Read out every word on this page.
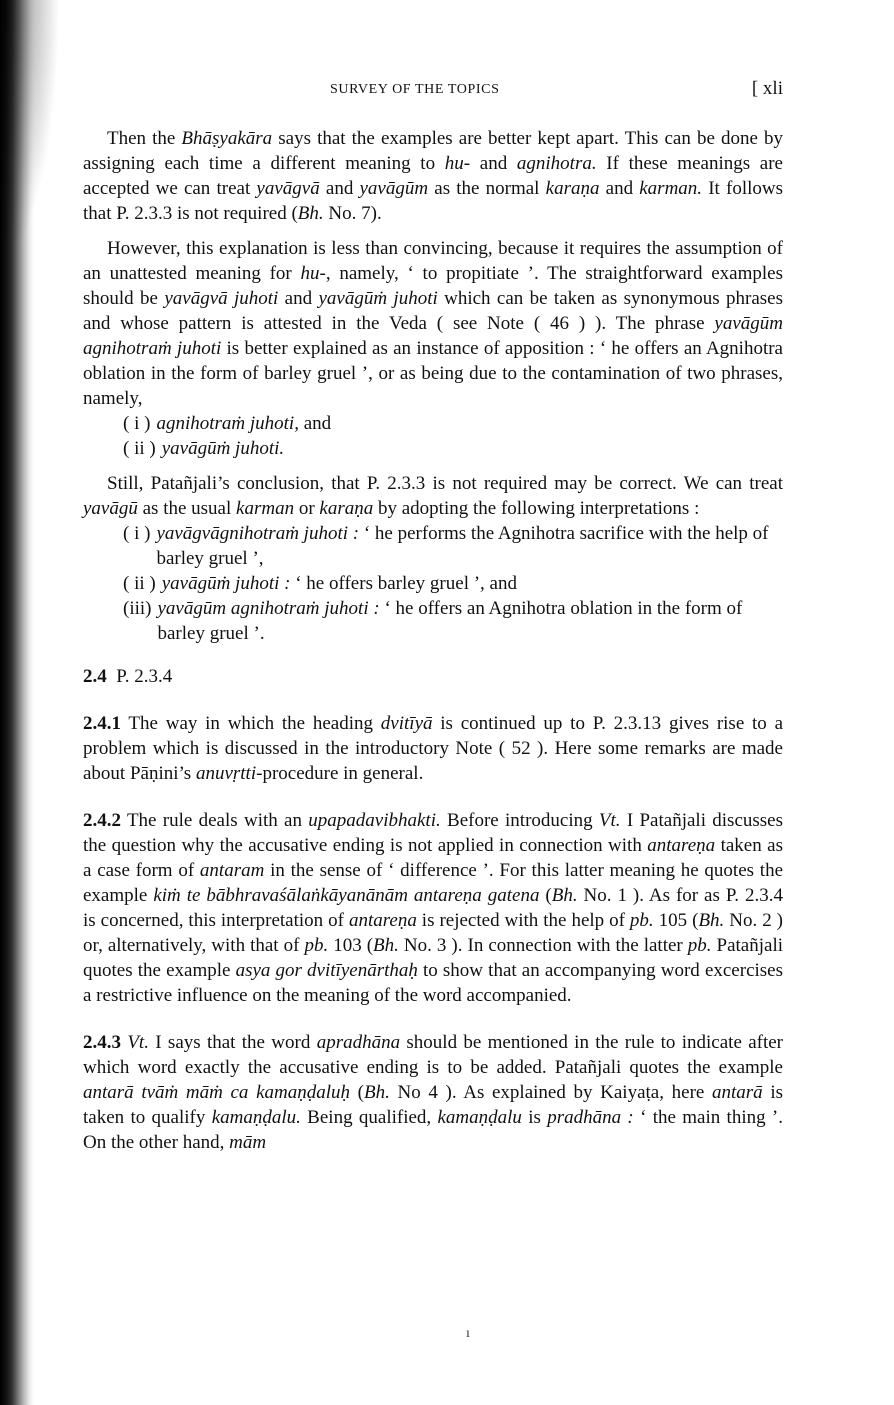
SURVEY OF THE TOPICS	[ xli

Then the Bhāṣyakāra says that the examples are better kept apart. This can be done by assigning each time a different meaning to hu- and agnihotra. If these meanings are accepted we can treat yavāgvā and yavāgūm as the normal karaṇa and karman. It follows that P. 2.3.3 is not required (Bh. No. 7).

However, this explanation is less than convincing, because it requires the assumption of an unattested meaning for hu-, namely, ‘ to propitiate ’. The straightforward examples should be yavāgvā juhoti and yavāgūṁ juhoti which can be taken as synonymous phrases and whose pattern is attested in the Veda ( see Note ( 46 ) ). The phrase yavāgūm agnihotraṁ juhoti is better explained as an instance of apposition : ‘ he offers an Agnihotra oblation in the form of barley gruel ’, or as being due to the contamination of two phrases, namely,

( i ) agnihotraṁ juhoti, and
( ii ) yavāgūṁ juhoti.

Still, Patañjali’s conclusion, that P. 2.3.3 is not required may be correct. We can treat yavāgū as the usual karman or karaṇa by adopting the following interpretations :

( i ) yavāgvāgnihotraṁ juhoti : ‘ he performs the Agnihotra sacrifice with the help of barley gruel ’,
( ii ) yavāgūṁ juhoti : ‘ he offers barley gruel ’, and
(iii) yavāgūm agnihotraṁ juhoti : ‘ he offers an Agnihotra oblation in the form of barley gruel ’.
2.4 P. 2.3.4

2.4.1 The way in which the heading dvitīyā is continued up to P. 2.3.13 gives rise to a problem which is discussed in the introductory Note ( 52 ). Here some remarks are made about Pāṇini’s anuvṛtti-procedure in general.

2.4.2 The rule deals with an upapadavibhakti. Before introducing Vt. I Patañjali discusses the question why the accusative ending is not applied in connection with antareṇa taken as a case form of antaram in the sense of ‘ difference ’. For this latter meaning he quotes the example kiṁ te bābhravaśālaṅkāyanānām antareṇa gatena (Bh. No. 1 ). As for as P. 2.3.4 is concerned, this interpretation of antareṇa is rejected with the help of pb. 105 (Bh. No. 2 ) or, alternatively, with that of pb. 103 (Bh. No. 3 ). In connection with the latter pb. Patañjali quotes the example asya gor dvitīyenārthaḥ to show that an accompanying word excercises a restrictive influence on the meaning of the word accompanied.

2.4.3 Vt. I says that the word apradhāna should be mentioned in the rule to indicate after which word exactly the accusative ending is to be added. Patañjali quotes the example antarā tvāṁ māṁ ca kamaṇḍaluḥ (Bh. No 4 ). As explained by Kaiyaṭa, here antarā is taken to qualify kamaṇḍalu. Being qualified, kamaṇḍalu is pradhāna : ‘ the main thing ’. On the other hand, mām

ı
